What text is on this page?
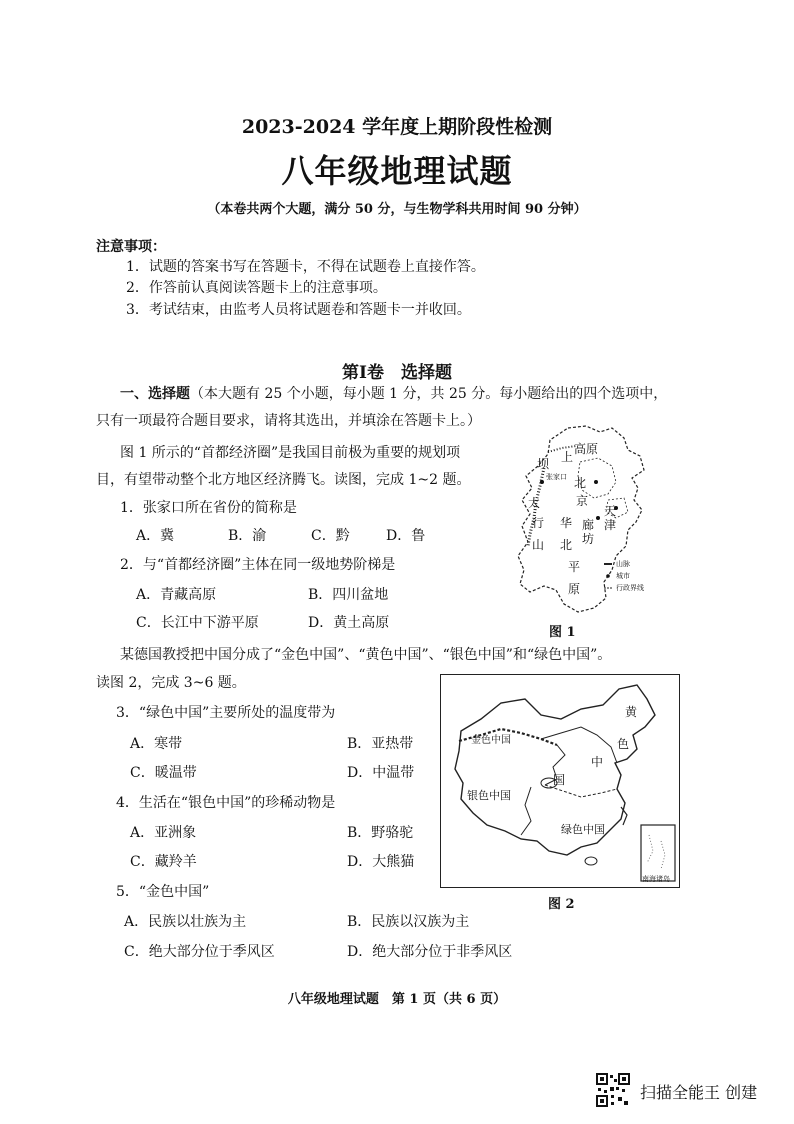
2023-2024 学年度上期阶段性检测
八年级地理试题
（本卷共两个大题，满分 50 分，与生物学科共用时间 90 分钟）
注意事项：
1．试题的答案书写在答题卡，不得在试题卷上直接作答。
2．作答前认真阅读答题卡上的注意事项。
3．考试结束，由监考人员将试题卷和答题卡一并收回。
第Ⅰ卷　选择题
一、选择题（本大题有 25 个小题，每小题 1 分，共 25 分。每小题给出的四个选项中，
只有一项最符合题目要求，请将其选出，并填涂在答题卡上。）
图 1 所示的“首都经济圈”是我国目前极为重要的规划项
目，有望带动整个北方地区经济腾飞。读图，完成 1~2 题。
1．张家口所在省份的简称是
A．冀	B．渝	C．黔	D．鲁
2．与“首都经济圈”主体在同一级地势阶梯是
A．青藏高原	B．四川盆地
C．长江中下游平原	D．黄土高原
坝 上
高 原
张家口
太
行
山
北
京
天
津
华 廊
坊
北
平
原
山脉
城市
行政界线
图 1
某德国教授把中国分成了“金色中国”、“黄色中国”、“银色中国”和“绿色中国”。
读图 2，完成 3~6 题。
3．“绿色中国”主要所处的温度带为
A．寒带	B．亚热带
C．暖温带	D．中温带
4．生活在“银色中国”的珍稀动物是
A．亚洲象	B．野骆驼
C．藏羚羊	D．大熊猫
5．“金色中国”
A．民族以壮族为主	B．民族以汉族为主
C．绝大部分位于季风区	D．绝大部分位于非季风区
金色中国
银色中国
绿色中国
黄
色
中
国
南海诸岛
图 2
八年级地理试题　第 1 页（共 6 页）
扫描全能王 创建
